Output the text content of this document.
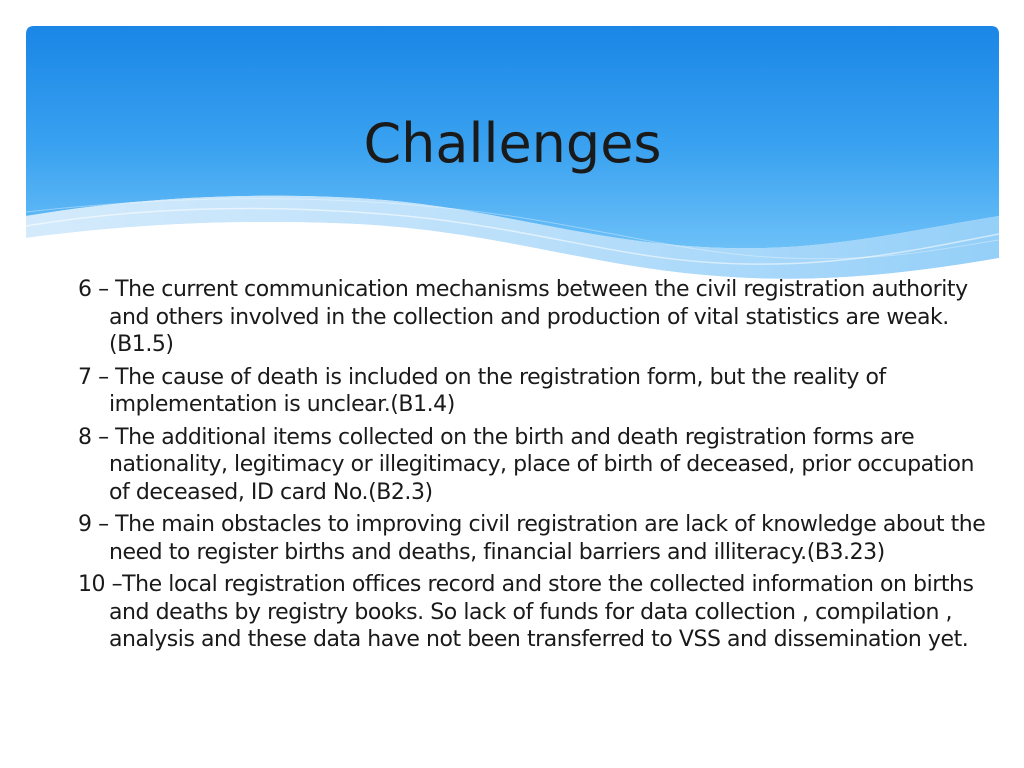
Challenges
6 – The current communication mechanisms between the civil registration authority and others involved in the collection and production of vital statistics are weak. (B1.5)
7 – The cause of death is included on the registration form, but the reality of implementation is unclear.(B1.4)
8 – The additional items collected on the birth and death registration forms are nationality, legitimacy or illegitimacy, place of birth of deceased, prior occupation of deceased, ID card No.(B2.3)
9 – The main obstacles to improving civil registration are lack of knowledge about the need to register births and deaths, financial barriers and illiteracy.(B3.23)
10 –The local registration offices record and store the collected information on births and deaths by registry books. So lack of funds for data collection , compilation , analysis and these data have not been transferred to VSS and dissemination yet.
